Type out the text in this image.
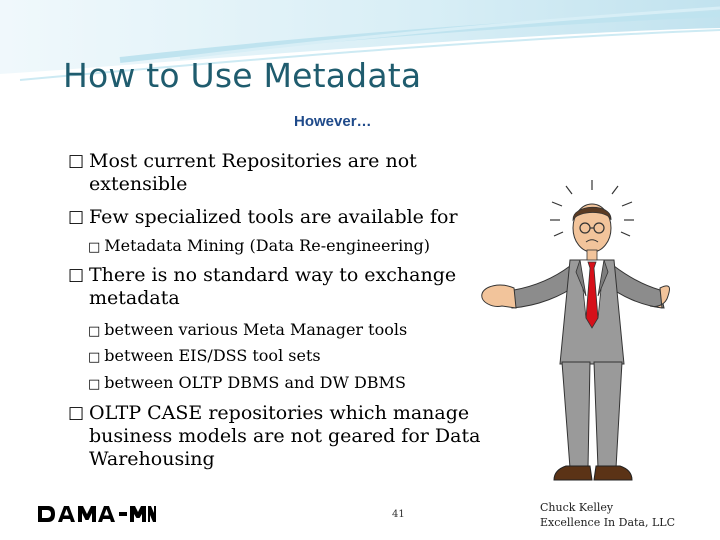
How to Use Metadata
However…
□ Most current Repositories are not extensible
□ Few specialized tools are available for
□ Metadata Mining (Data Re-engineering)
□ There is no standard way to exchange metadata
□ between various Meta Manager tools
□ between EIS/DSS tool sets
□ between OLTP DBMS and DW DBMS
□ OLTP CASE repositories which manage business models are not geared for Data Warehousing
41
Chuck Kelley
Excellence In Data, LLC
